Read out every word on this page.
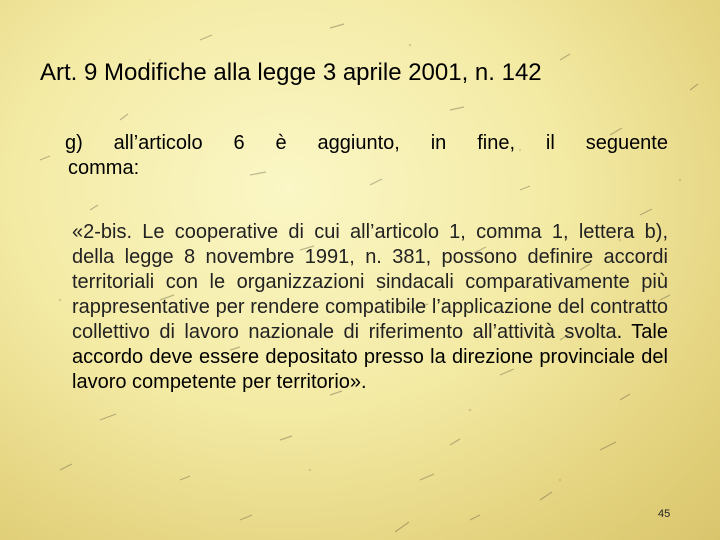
Art. 9 Modifiche alla legge 3 aprile 2001, n. 142
g) all’articolo 6 è aggiunto, in fine, il seguente
comma:
«2-bis. Le cooperative di cui all’articolo 1, comma 1, lettera b), della legge 8 novembre 1991, n. 381, possono definire accordi territoriali con le organizzazioni sindacali comparativamente più rappresentative per rendere compatibile l’applicazione del contratto collettivo di lavoro nazionale di riferimento all’attività svolta. Tale accordo deve essere depositato presso la direzione provinciale del lavoro competente per territorio».
45
